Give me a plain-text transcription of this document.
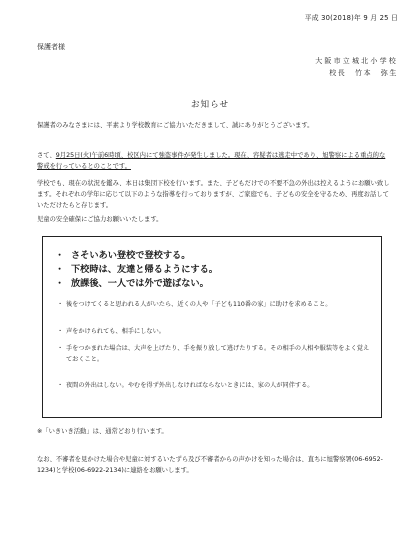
平成 30(2018)年 9 月 25 日
保護者様
大阪市立城北小学校
校長　竹本　弥生
お知らせ
保護者のみなさまには、平素より学校教育にご協力いただきまして、誠にありがとうございます。
さて、9月25日(火)午前6時頃、校区内にて強盗事件が発生しました。現在、容疑者は逃走中であり、旭警察による重点的な警戒を行っているとのことです。
学校でも、現在の状況を鑑み、本日は集団下校を行います。また、子どもだけでの不要不急の外出は控えるようにお願い致します。それぞれの学年に応じて以下のような指導を行っておりますが、ご家庭でも、子どもの安全を守るため、再度お話していただけたらと存じます。
児童の安全確保にご協力お願いいたします。
・ さそいあい登校で登校する。
・ 下校時は、友達と帰るようにする。
・ 放課後、一人では外で遊ばない。
・ 後をつけてくると思われる人がいたら、近くの人や「子ども110番の家」に助けを求めること。
・ 声をかけられても、相手にしない。
・ 手をつかまれた場合は、大声を上げたり、手を振り放して逃げたりする。その相手の人相や服装等をよく覚えておくこと。
・ 夜間の外出はしない。やむを得ず外出しなければならないときには、家の人が同伴する。
※「いきいき活動」は、通常どおり行います。
なお、不審者を見かけた場合や児童に対するいたずら及び不審者からの声かけを知った場合は、直ちに旭警察署(06-6952-1234)と学校(06-6922-2134)に連絡をお願いします。
